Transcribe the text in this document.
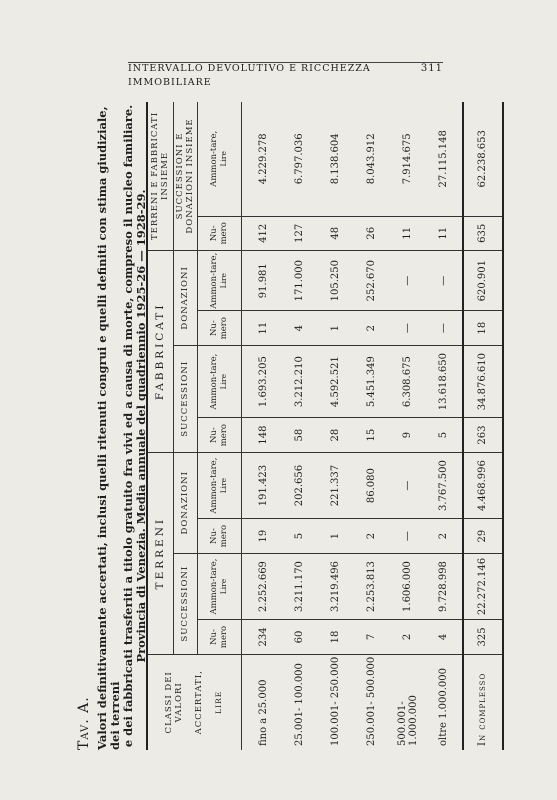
INTERVALLO DEVOLUTIVO E RICCHEZZA IMMOBILIARE
311
Tav. A. Valori definitivamente accertati, inclusi quelli ritenuti congrui e quelli definiti con stima giudiziale, dei terreni e dei fabbricati trasferiti a titolo gratuito fra vivi ed a causa di morte, compreso il nucleo familiare. Provincia di Venezia. Media annuale del quadriennio 1925-26 — 1928-29.
CLASSI DEI VALORI ACCERTATI, LIRE	TERRENI				FABBRICATI				TERRENI E FABBRICATI INSIEME	
	SUCCESSIONI		DONAZIONI		SUCCESSIONI		DONAZIONI		SUCCESSIONI E DONAZIONI INSIEME	
	Nu-mero	Ammon-tare, Lire	Nu-mero	Ammon-tare, Lire	Nu-mero	Ammon-tare, Lire	Nu-mero	Ammon-tare, Lire	Nu-mero	Ammon-tare, Lire

fino a 25.000	234	2.252.669	19	191.423	148	1.693.205	11	91.981	412	4.229.278
25.001- 100.000	60	3.211.170	5	202.656	58	3.212.210	4	171.000	127	6.797.036
100.001- 250.000	18	3.219.496	1	221.337	28	4.592.521	1	105.250	48	8.138.604
250.001- 500.000	7	2.253.813	2	86.080	15	5.451.349	2	252.670	26	8.043.912
500.001-1.000.000	2	1.606.000	—	—	9	6.308.675	—	—	11	7.914.675
oltre 1.000.000	4	9.728.998	2	3.767.500	5	13.618.650	—	—	11	27.115.148
In complesso	325	22.272.146	29	4.468.996	263	34.876.610	18	620.901	635	62.238.653
